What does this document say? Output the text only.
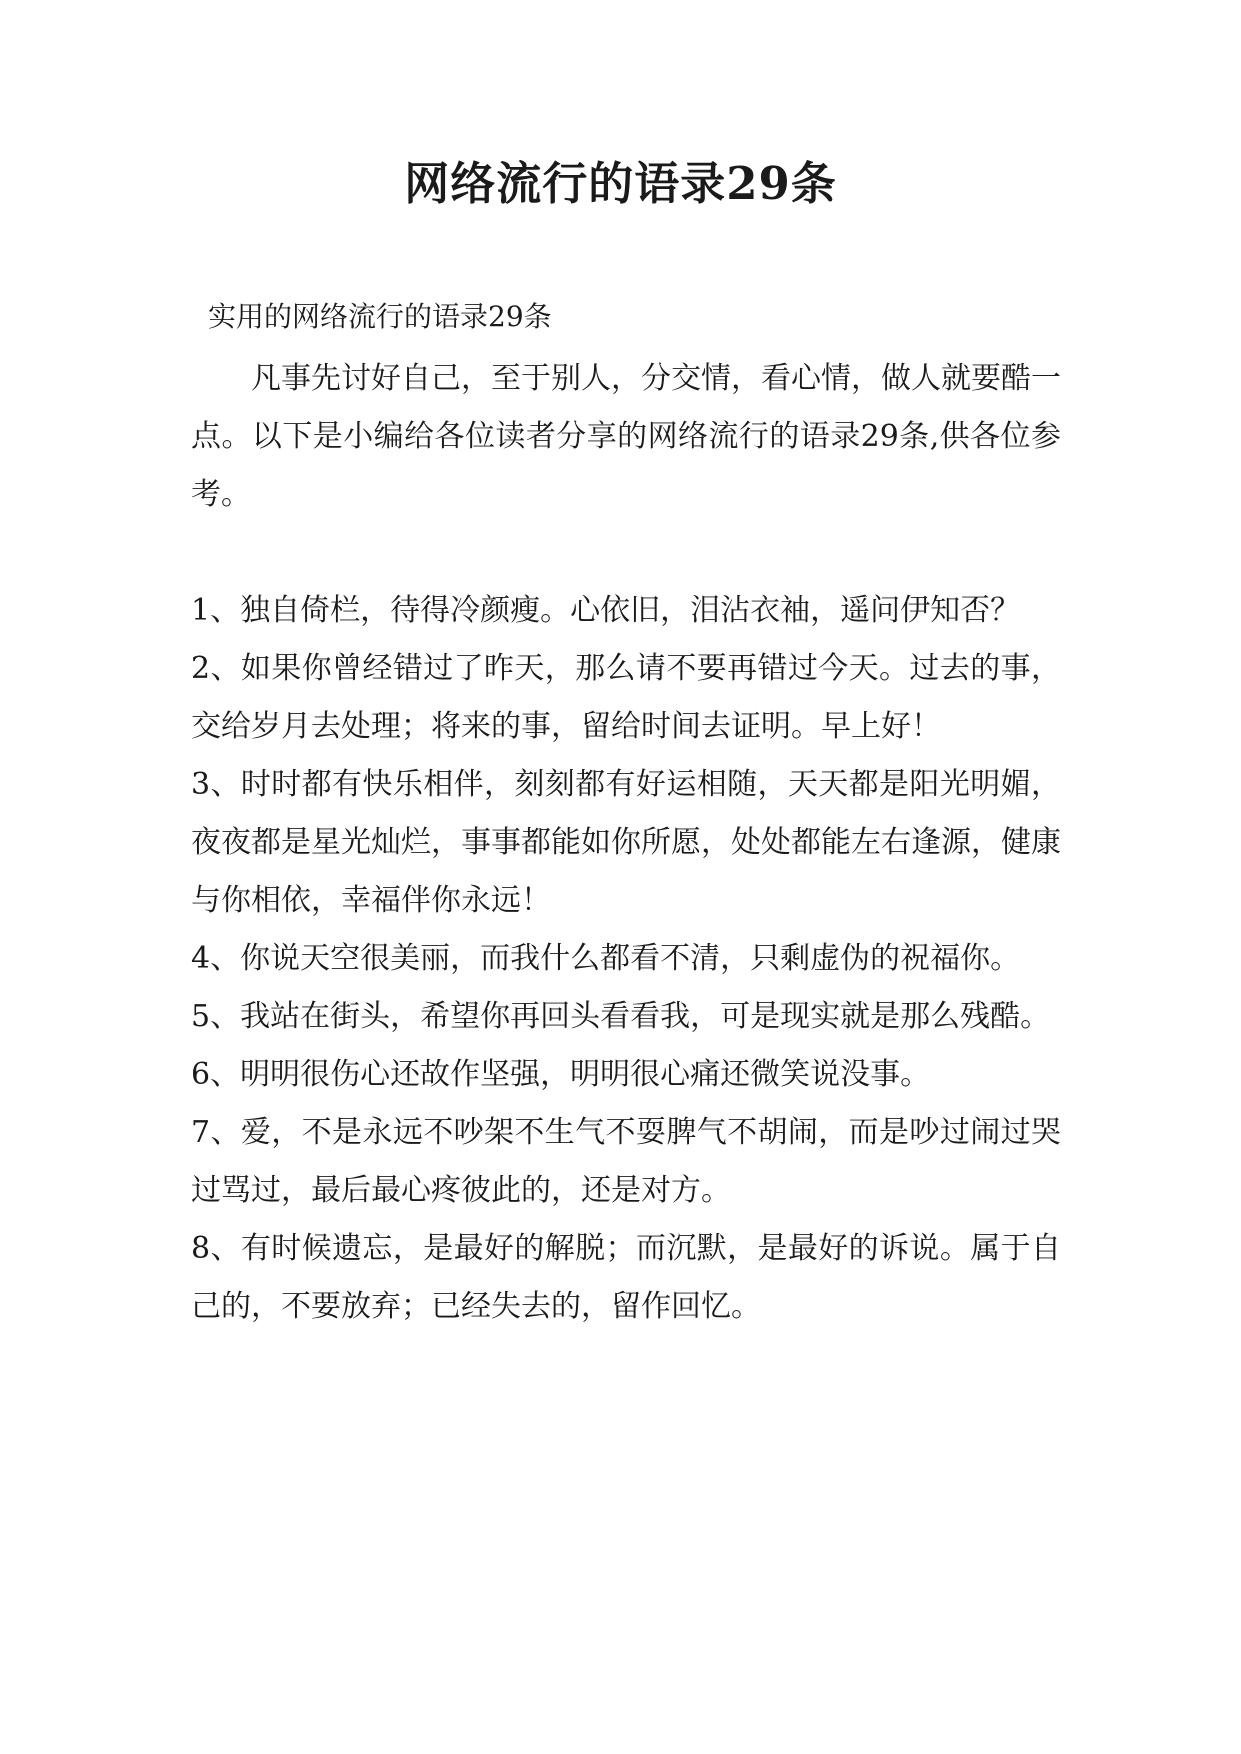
网络流行的语录29条

实用的网络流行的语录29条

凡事先讨好自己，至于别人，分交情，看心情，做人就要酷一点。以下是小编给各位读者分享的网络流行的语录29条,供各位参考。

1、独自倚栏，待得冷颜瘦。心依旧，泪沾衣袖，遥问伊知否？
2、如果你曾经错过了昨天，那么请不要再错过今天。过去的事，交给岁月去处理；将来的事，留给时间去证明。早上好！
3、时时都有快乐相伴，刻刻都有好运相随，天天都是阳光明媚，夜夜都是星光灿烂，事事都能如你所愿，处处都能左右逢源，健康与你相依，幸福伴你永远！
4、你说天空很美丽，而我什么都看不清，只剩虚伪的祝福你。
5、我站在街头，希望你再回头看看我，可是现实就是那么残酷。
6、明明很伤心还故作坚强，明明很心痛还微笑说没事。
7、爱，不是永远不吵架不生气不耍脾气不胡闹，而是吵过闹过哭过骂过，最后最心疼彼此的，还是对方。
8、有时候遗忘，是最好的解脱；而沉默，是最好的诉说。属于自己的，不要放弃；已经失去的，留作回忆。
